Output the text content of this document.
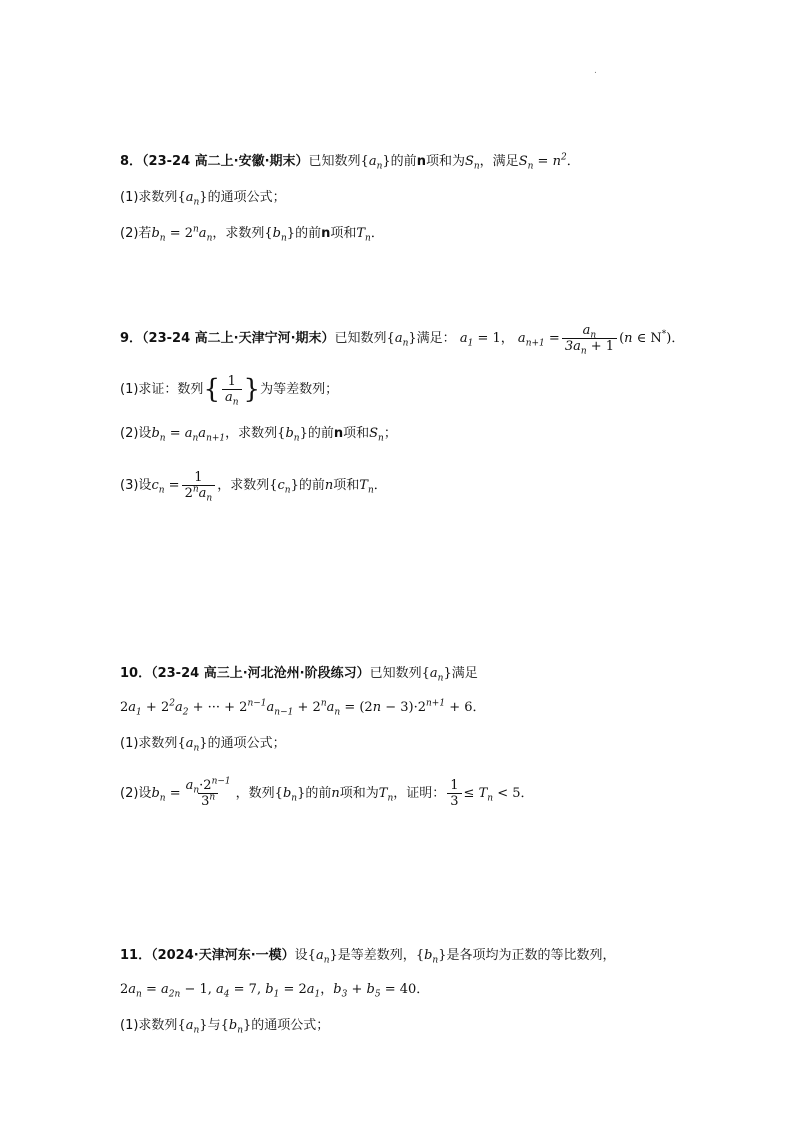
.
8．（23-24 高二上·安徽·期末）已知数列$\{a_n\}$的前n项和为$S_n$，满足$S_n = n^2$．
(1)求数列$\{a_n\}$的通项公式；
(2)若$b_n = 2^na_n$，求数列$\{b_n\}$的前n项和$T_n$．
9．（23-24 高二上·天津宁河·期末）已知数列$\{a_n\}$满足： $a_1 = 1$， $a_{n+1} = \frac{a_n}{3a_n + 1} (n$ ∈ N*)．
(1)求证：数列{ $\frac{1}{a_n}$ }为等差数列；
(2)设$b_n = a_na_{n+1}$，求数列$\{b_n\}$的前n项和$S_n$；
(3)设$c_n = \frac{1}{2^na_n}$ ，求数列$\{c_n\}$的前n项和$T_n$．
10．（23-24 高三上·河北沧州·阶段练习）已知数列$\{a_n\}$满足
$2a_1 + 2^2a_2$ + ··· + $2^{n-1}a_{n-1} + 2^na_n = (2n - 3)\cdot 2^{n+1} + 6$．
(1)求数列$\{a_n\}$的通项公式；
(2)设$b_n = \frac{a_n\cdot 2^{n-1}}{3^n}$ ，数列$\{b_n\}$的前n项和为$T_n$，证明： $\frac{1}{3} \le T_n < 5$．
11．（2024·天津河东·一模）设$\{a_n\}$是等差数列，$\{b_n\}$是各项均为正数的等比数列，
$2a_n = a_{2n} - 1$, $a_4 = 7$, $b_1 = 2a_1$，$b_3 + b_5 = 40$．
(1)求数列$\{a_n\}$与$\{b_n\}$的通项公式；
